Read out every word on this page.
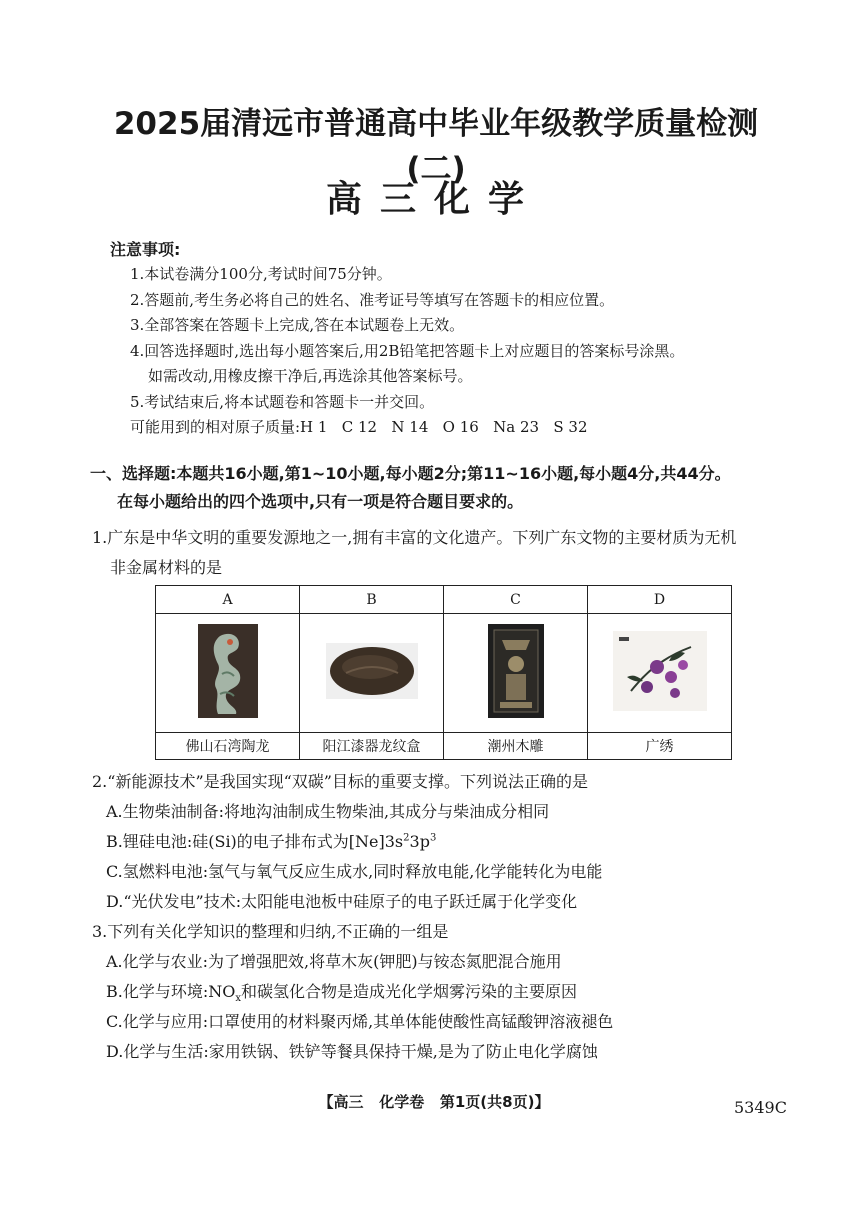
2025届清远市普通高中毕业年级教学质量检测(二)
高三化学
注意事项:
1.本试卷满分100分,考试时间75分钟。
2.答题前,考生务必将自己的姓名、准考证号等填写在答题卡的相应位置。
3.全部答案在答题卡上完成,答在本试题卷上无效。
4.回答选择题时,选出每小题答案后,用2B铅笔把答题卡上对应题目的答案标号涂黑。
如需改动,用橡皮擦干净后,再选涂其他答案标号。
5.考试结束后,将本试题卷和答题卡一并交回。
可能用到的相对原子质量:H 1   C 12   N 14   O 16   Na 23   S 32
一、选择题:本题共16小题,第1~10小题,每小题2分;第11~16小题,每小题4分,共44分。
在每小题给出的四个选项中,只有一项是符合题目要求的。
1.广东是中华文明的重要发源地之一,拥有丰富的文化遗产。下列广东文物的主要材质为无机
非金属材料的是
A	B	C	D

佛山石湾陶龙	阳江漆器龙纹盒	潮州木雕	广绣
2.“新能源技术”是我国实现“双碳”目标的重要支撑。下列说法正确的是
A.生物柴油制备:将地沟油制成生物柴油,其成分与柴油成分相同
B.锂硅电池:硅(Si)的电子排布式为$[Ne]3s^23p^3$
C.氢燃料电池:氢气与氧气反应生成水,同时释放电能,化学能转化为电能
D.“光伏发电”技术:太阳能电池板中硅原子的电子跃迁属于化学变化
3.下列有关化学知识的整理和归纳,不正确的一组是
A.化学与农业:为了增强肥效,将草木灰(钾肥)与铵态氮肥混合施用
B.化学与环境$:NO_x$和碳氢化合物是造成光化学烟雾污染的主要原因
C.化学与应用:口罩使用的材料聚丙烯,其单体能使酸性高锰酸钾溶液褪色
D.化学与生活:家用铁锅、铁铲等餐具保持干燥,是为了防止电化学腐蚀
【高三   化学卷   第1页(共8页)】	5349C
